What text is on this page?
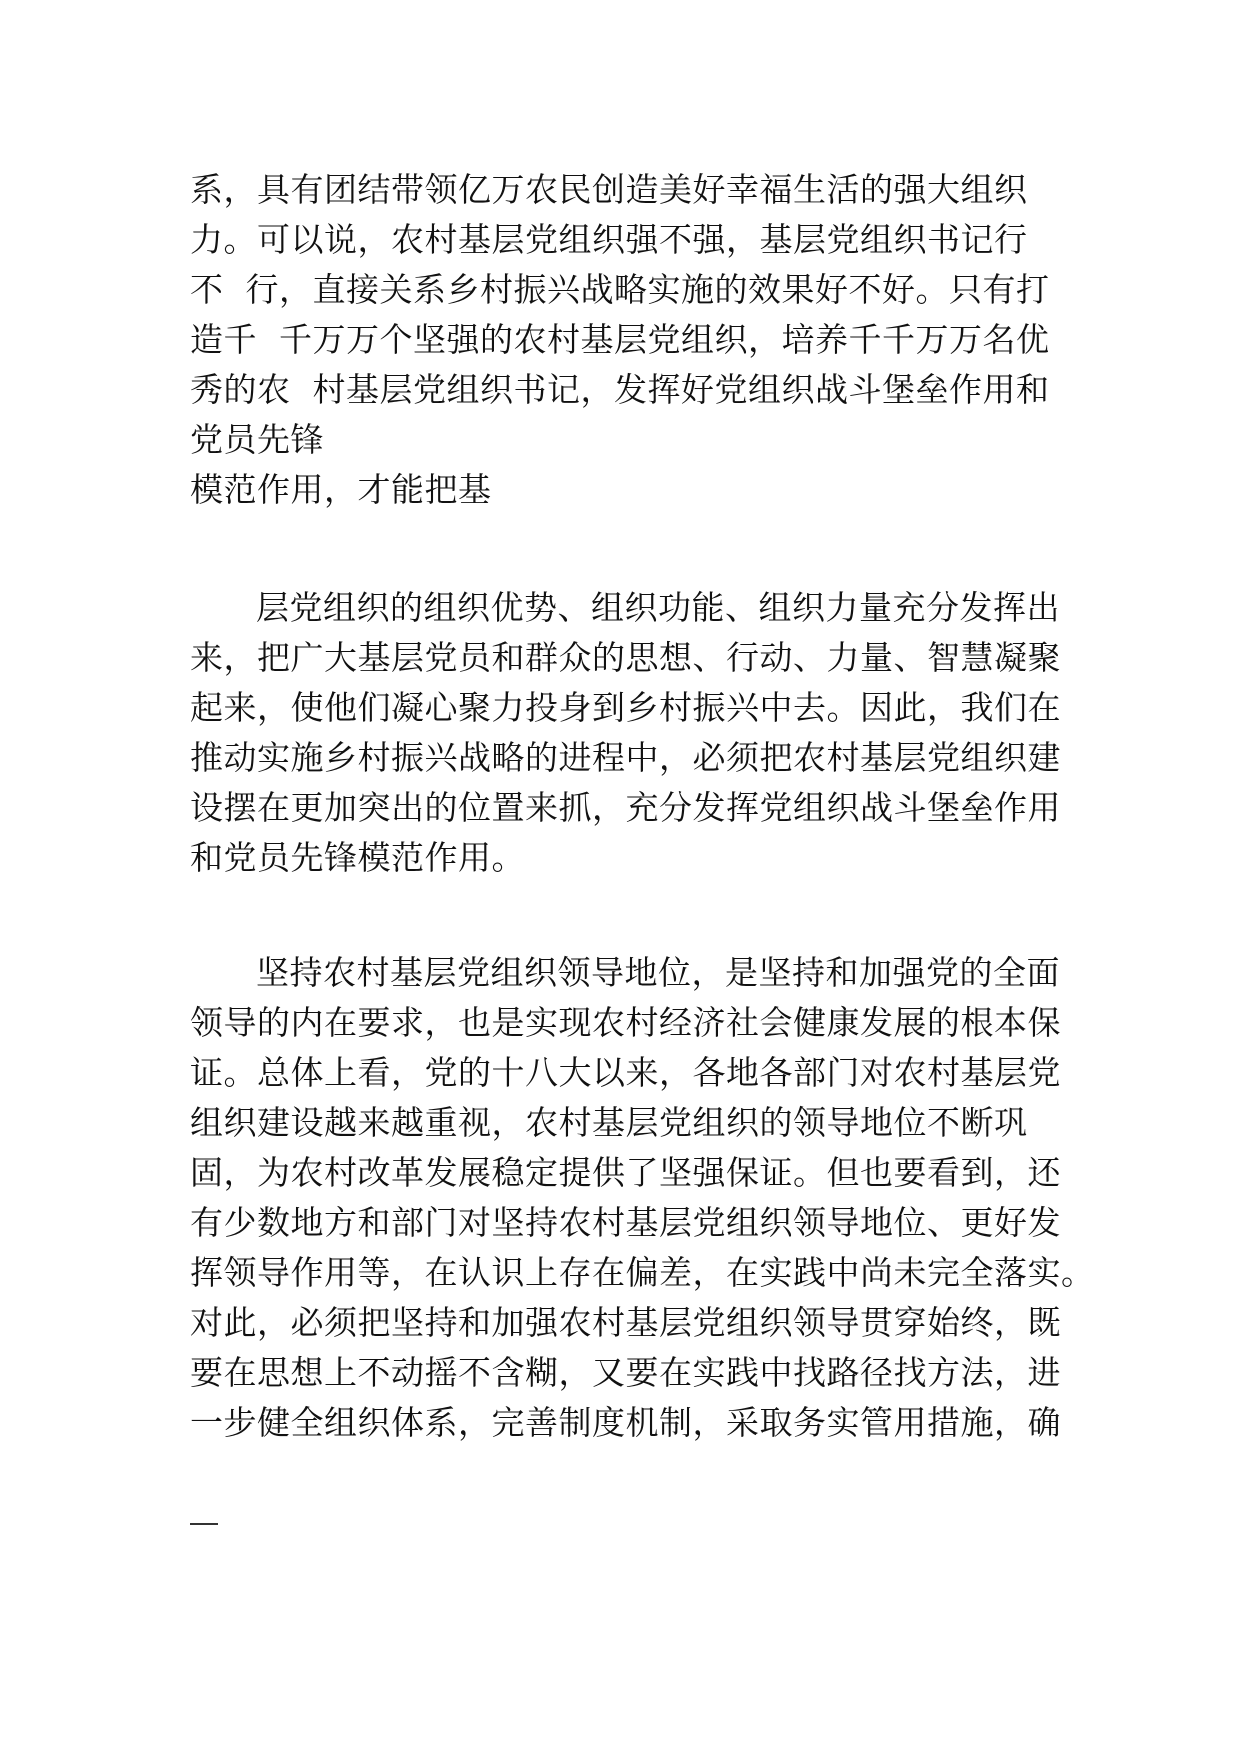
系，具有团结带领亿万农民创造美好幸福生活的强大组织
力。可以说，农村基层党组织强不强，基层党组织书记行
不  行，直接关系乡村振兴战略实施的效果好不好。只有打
造千  千万万个坚强的农村基层党组织，培养千千万万名优
秀的农  村基层党组织书记，发挥好党组织战斗堡垒作用和
党员先锋
模范作用，才能把基
层党组织的组织优势、组织功能、组织力量充分发挥出
来，把广大基层党员和群众的思想、行动、力量、智慧凝聚
起来，使他们凝心聚力投身到乡村振兴中去。因此，我们在
推动实施乡村振兴战略的进程中，必须把农村基层党组织建
设摆在更加突出的位置来抓，充分发挥党组织战斗堡垒作用
和党员先锋模范作用。
坚持农村基层党组织领导地位，是坚持和加强党的全面
领导的内在要求，也是实现农村经济社会健康发展的根本保
证。总体上看，党的十八大以来，各地各部门对农村基层党
组织建设越来越重视，农村基层党组织的领导地位不断巩
固，为农村改革发展稳定提供了坚强保证。但也要看到，还
有少数地方和部门对坚持农村基层党组织领导地位、更好发
挥领导作用等，在认识上存在偏差，在实践中尚未完全落实。
对此，必须把坚持和加强农村基层党组织领导贯穿始终，既
要在思想上不动摇不含糊，又要在实践中找路径找方法，进
一步健全组织体系，完善制度机制，采取务实管用措施，确
